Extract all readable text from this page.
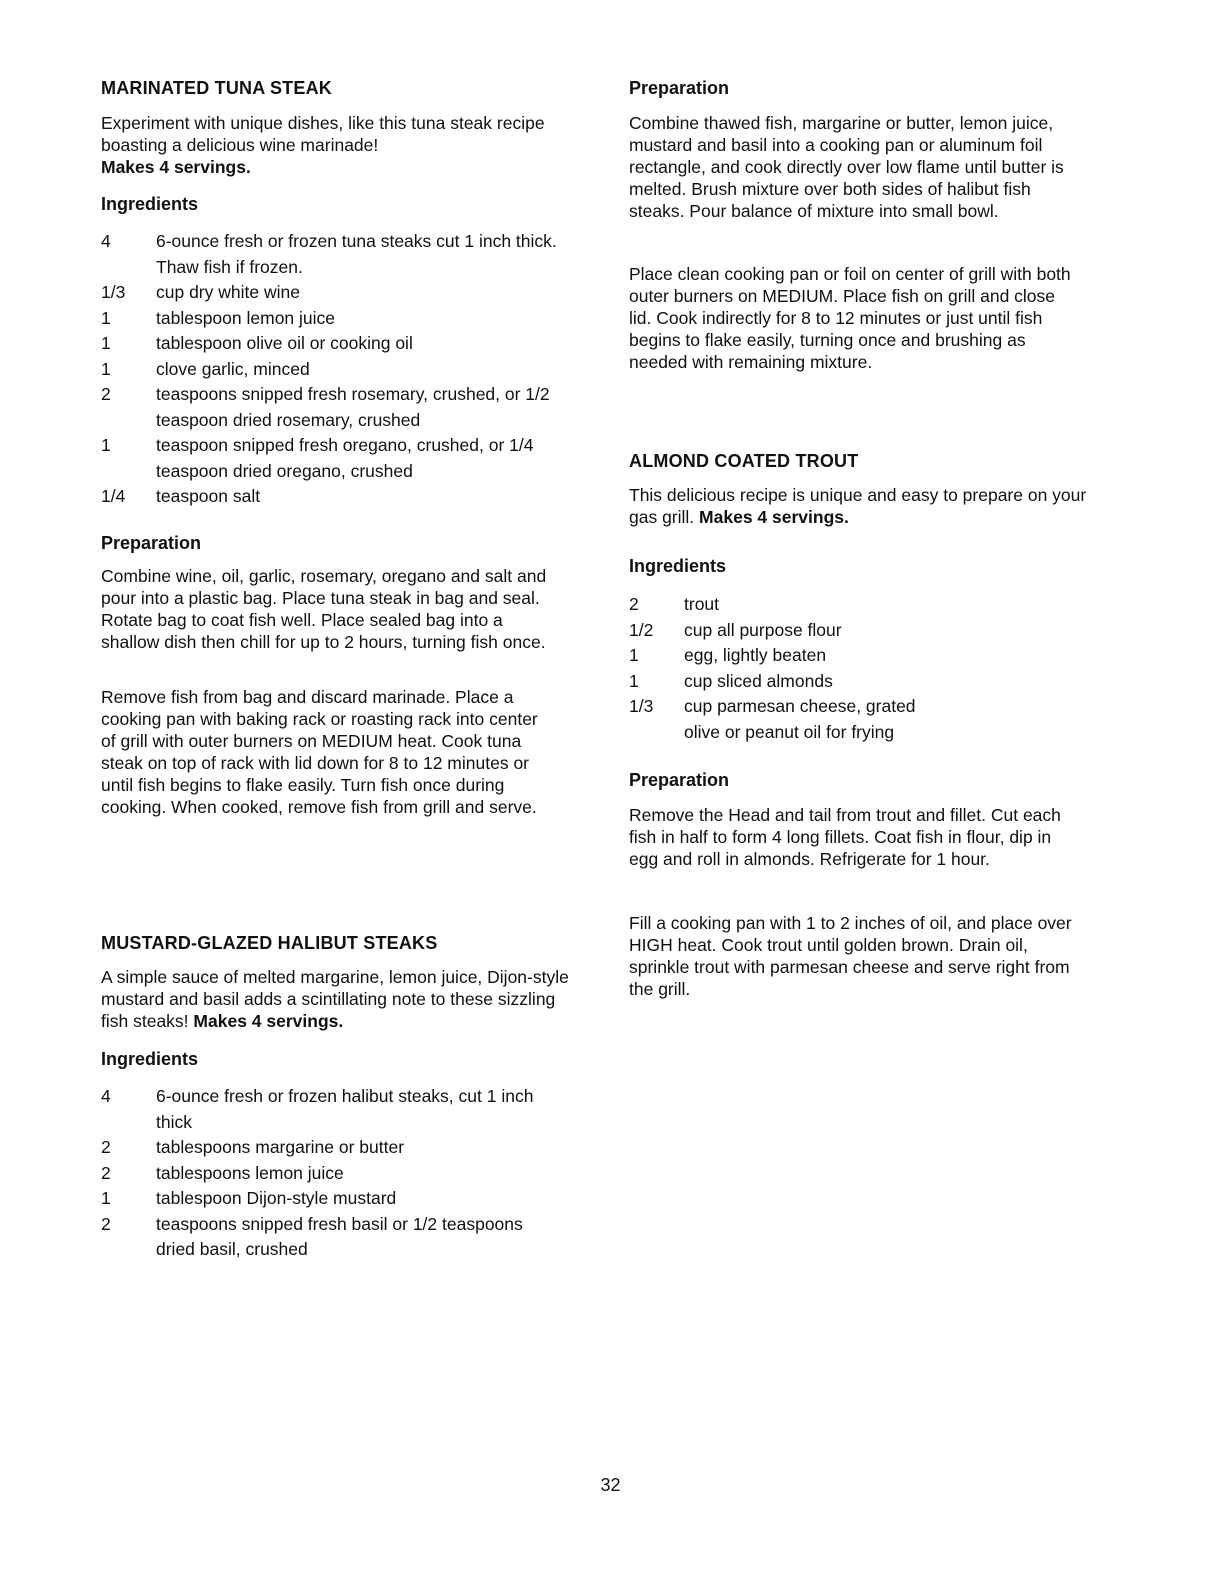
MARINATED TUNA STEAK

Experiment with unique dishes, like this tuna steak recipe boasting a delicious wine marinade!
Makes 4 servings.

Ingredients
4	6-ounce fresh or frozen tuna steaks cut 1 inch thick. Thaw fish if frozen.
1/3	cup dry white wine
1	tablespoon lemon juice
1	tablespoon olive oil or cooking oil
1	clove garlic, minced
2	teaspoons snipped fresh rosemary, crushed, or 1/2 teaspoon dried rosemary, crushed
1	teaspoon snipped fresh oregano, crushed, or 1/4 teaspoon dried oregano, crushed
1/4	teaspoon salt
Preparation

Combine wine, oil, garlic, rosemary, oregano and salt and pour into a plastic bag. Place tuna steak in bag and seal. Rotate bag to coat fish well. Place sealed bag into a shallow dish then chill for up to 2 hours, turning fish once.

Remove fish from bag and discard marinade. Place a cooking pan with baking rack or roasting rack into center of grill with outer burners on MEDIUM heat. Cook tuna steak on top of rack with lid down for 8 to 12 minutes or until fish begins to flake easily. Turn fish once during cooking. When cooked, remove fish from grill and serve.

MUSTARD-GLAZED HALIBUT STEAKS

A simple sauce of melted margarine, lemon juice, Dijon-style mustard and basil adds a scintillating note to these sizzling fish steaks! Makes 4 servings.

Ingredients
4	6-ounce fresh or frozen halibut steaks, cut 1 inch thick
2	tablespoons margarine or butter
2	tablespoons lemon juice
1	tablespoon Dijon-style mustard
2	teaspoons snipped fresh basil or 1/2 teaspoons dried basil, crushed
Preparation

Combine thawed fish, margarine or butter, lemon juice, mustard and basil into a cooking pan or aluminum foil rectangle, and cook directly over low flame until butter is melted. Brush mixture over both sides of halibut fish steaks. Pour balance of mixture into small bowl.

Place clean cooking pan or foil on center of grill with both outer burners on MEDIUM. Place fish on grill and close lid. Cook indirectly for 8 to 12 minutes or just until fish begins to flake easily, turning once and brushing as needed with remaining mixture.

ALMOND COATED TROUT

This delicious recipe is unique and easy to prepare on your gas grill. Makes 4 servings.

Ingredients
2	trout
1/2	cup all purpose flour
1	egg, lightly beaten
1	cup sliced almonds
1/3	cup parmesan cheese, grated
olive or peanut oil for frying
Preparation

Remove the Head and tail from trout and fillet. Cut each fish in half to form 4 long fillets. Coat fish in flour, dip in egg and roll in almonds. Refrigerate for 1 hour.

Fill a cooking pan with 1 to 2 inches of oil, and place over HIGH heat. Cook trout until golden brown. Drain oil, sprinkle trout with parmesan cheese and serve right from the grill.

32
